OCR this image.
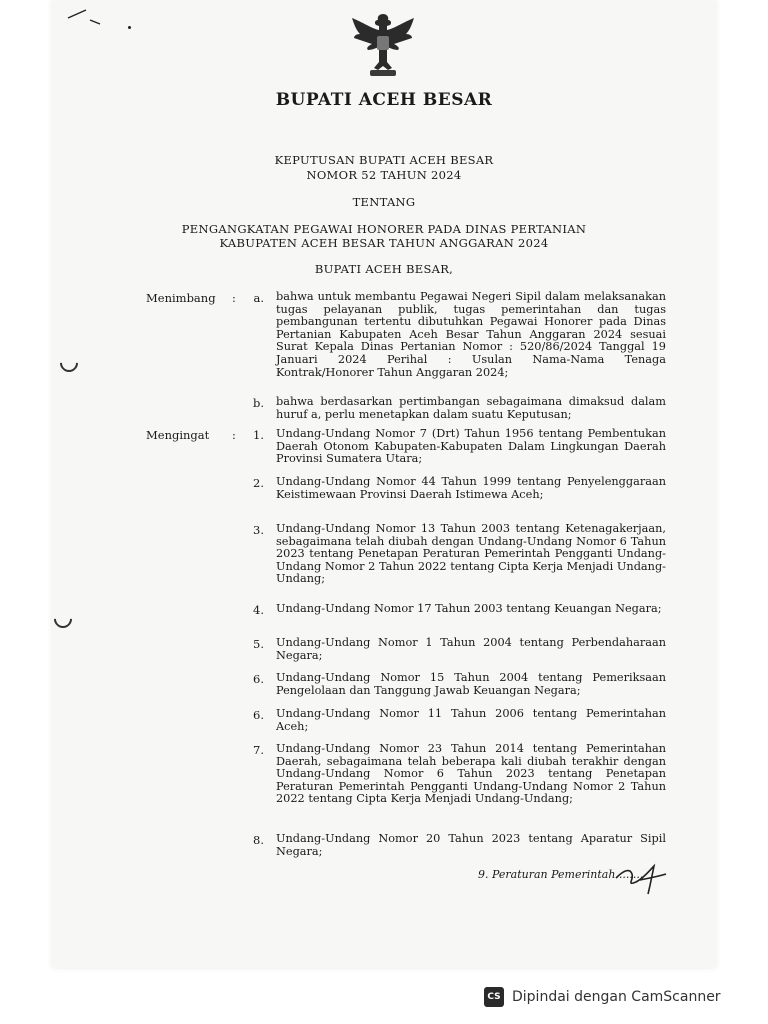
BUPATI ACEH BESAR
KEPUTUSAN BUPATI ACEH BESAR
NOMOR 52 TAHUN 2024
TENTANG
PENGANGKATAN PEGAWAI HONORER PADA DINAS PERTANIAN
KABUPATEN ACEH BESAR TAHUN ANGGARAN 2024
BUPATI ACEH BESAR,
Menimbang :	a. bahwa untuk membantu Pegawai Negeri Sipil dalam melaksanakan tugas pelayanan publik, tugas pemerintahan dan tugas pembangunan tertentu dibutuhkan Pegawai Honorer pada Dinas Pertanian Kabupaten Aceh Besar Tahun Anggaran 2024 sesuai Surat Kepala Dinas Pertanian Nomor : 520/86/2024 Tanggal 19 Januari 2024 Perihal : Usulan Nama-Nama Tenaga Kontrak/Honorer Tahun Anggaran 2024;
b. bahwa berdasarkan pertimbangan sebagaimana dimaksud dalam huruf a, perlu menetapkan dalam suatu Keputusan;
Mengingat :	1. Undang-Undang Nomor 7 (Drt) Tahun 1956 tentang Pembentukan Daerah Otonom Kabupaten-Kabupaten Dalam Lingkungan Daerah Provinsi Sumatera Utara;
2. Undang-Undang Nomor 44 Tahun 1999 tentang Penyelenggaraan Keistimewaan Provinsi Daerah Istimewa Aceh;
3. Undang-Undang Nomor 13 Tahun 2003 tentang Ketenagakerjaan, sebagaimana telah diubah dengan Undang-Undang Nomor 6 Tahun 2023 tentang Penetapan Peraturan Pemerintah Pengganti Undang-Undang Nomor 2 Tahun 2022 tentang Cipta Kerja Menjadi Undang-Undang;
4. Undang-Undang Nomor 17 Tahun 2003 tentang Keuangan Negara;
5. Undang-Undang Nomor 1 Tahun 2004 tentang Perbendaharaan Negara;
6. Undang-Undang Nomor 15 Tahun 2004 tentang Pemeriksaan Pengelolaan dan Tanggung Jawab Keuangan Negara;
6. Undang-Undang Nomor 11 Tahun 2006 tentang Pemerintahan Aceh;
7. Undang-Undang Nomor 23 Tahun 2014 tentang Pemerintahan Daerah, sebagaimana telah beberapa kali diubah terakhir dengan Undang-Undang Nomor 6 Tahun 2023 tentang Penetapan Peraturan Pemerintah Pengganti Undang-Undang Nomor 2 Tahun 2022 tentang Cipta Kerja Menjadi Undang-Undang;
8. Undang-Undang Nomor 20 Tahun 2023 tentang Aparatur Sipil Negara;
9. Peraturan Pemerintah........
CS Dipindai dengan CamScanner
